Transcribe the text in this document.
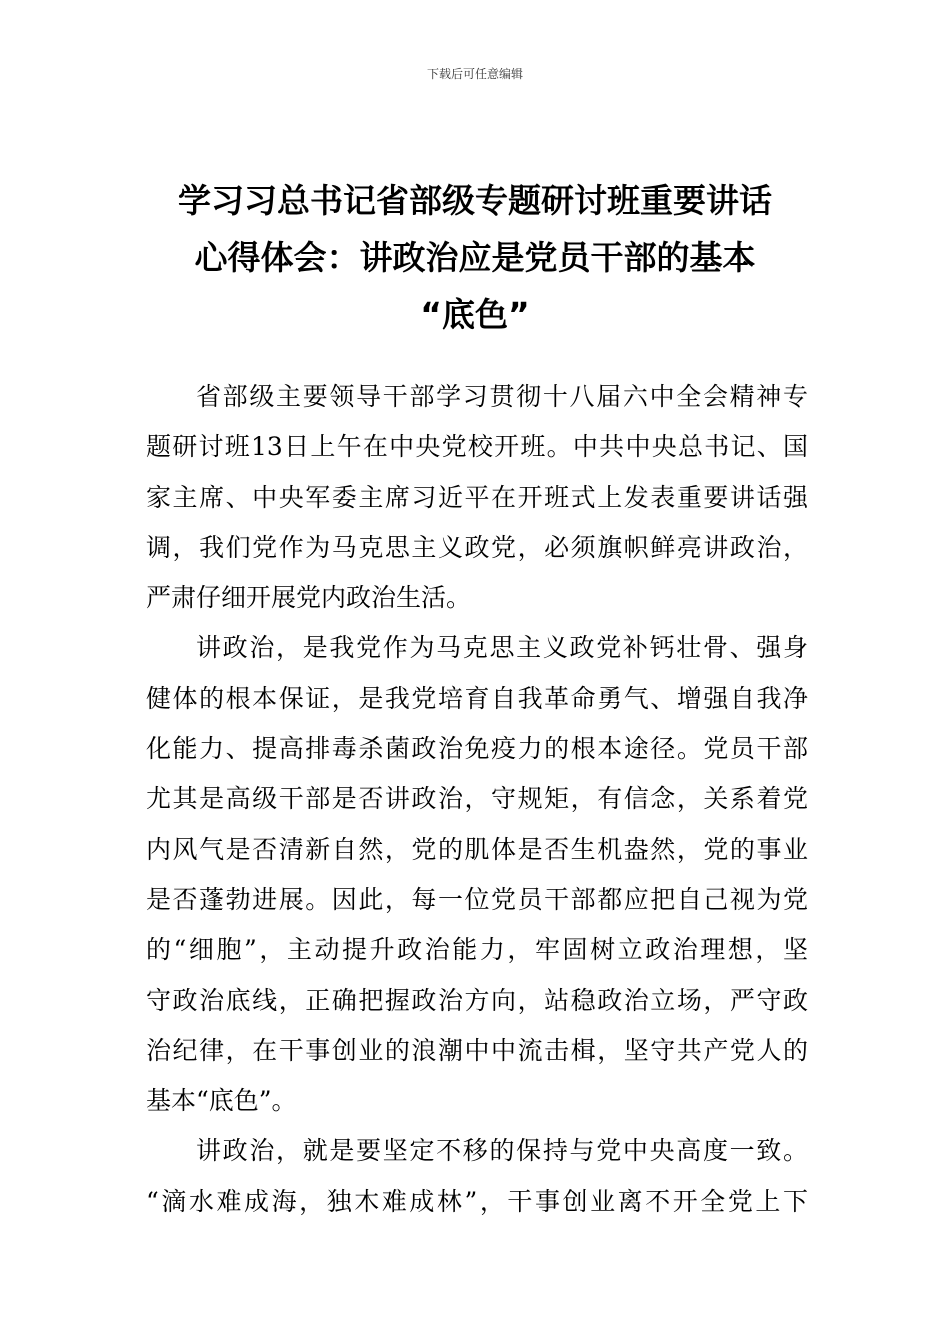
下载后可任意编辑
学习习总书记省部级专题研讨班重要讲话
心得体会：讲政治应是党员干部的基本
“底色”
省部级主要领导干部学习贯彻十八届六中全会精神专
题研讨班13日上午在中央党校开班。中共中央总书记、国
家主席、中央军委主席习近平在开班式上发表重要讲话强
调，我们党作为马克思主义政党，必须旗帜鲜亮讲政治，
严肃仔细开展党内政治生活。
讲政治，是我党作为马克思主义政党补钙壮骨、强身
健体的根本保证，是我党培育自我革命勇气、增强自我净
化能力、提高排毒杀菌政治免疫力的根本途径。党员干部
尤其是高级干部是否讲政治，守规矩，有信念，关系着党
内风气是否清新自然，党的肌体是否生机盎然，党的事业
是否蓬勃进展。因此，每一位党员干部都应把自己视为党
的“细胞”，主动提升政治能力，牢固树立政治理想，坚
守政治底线，正确把握政治方向，站稳政治立场，严守政
治纪律，在干事创业的浪潮中中流击楫，坚守共产党人的
基本“底色”。
讲政治，就是要坚定不移的保持与党中央高度一致。
“滴水难成海，独木难成林”，干事创业离不开全党上下
